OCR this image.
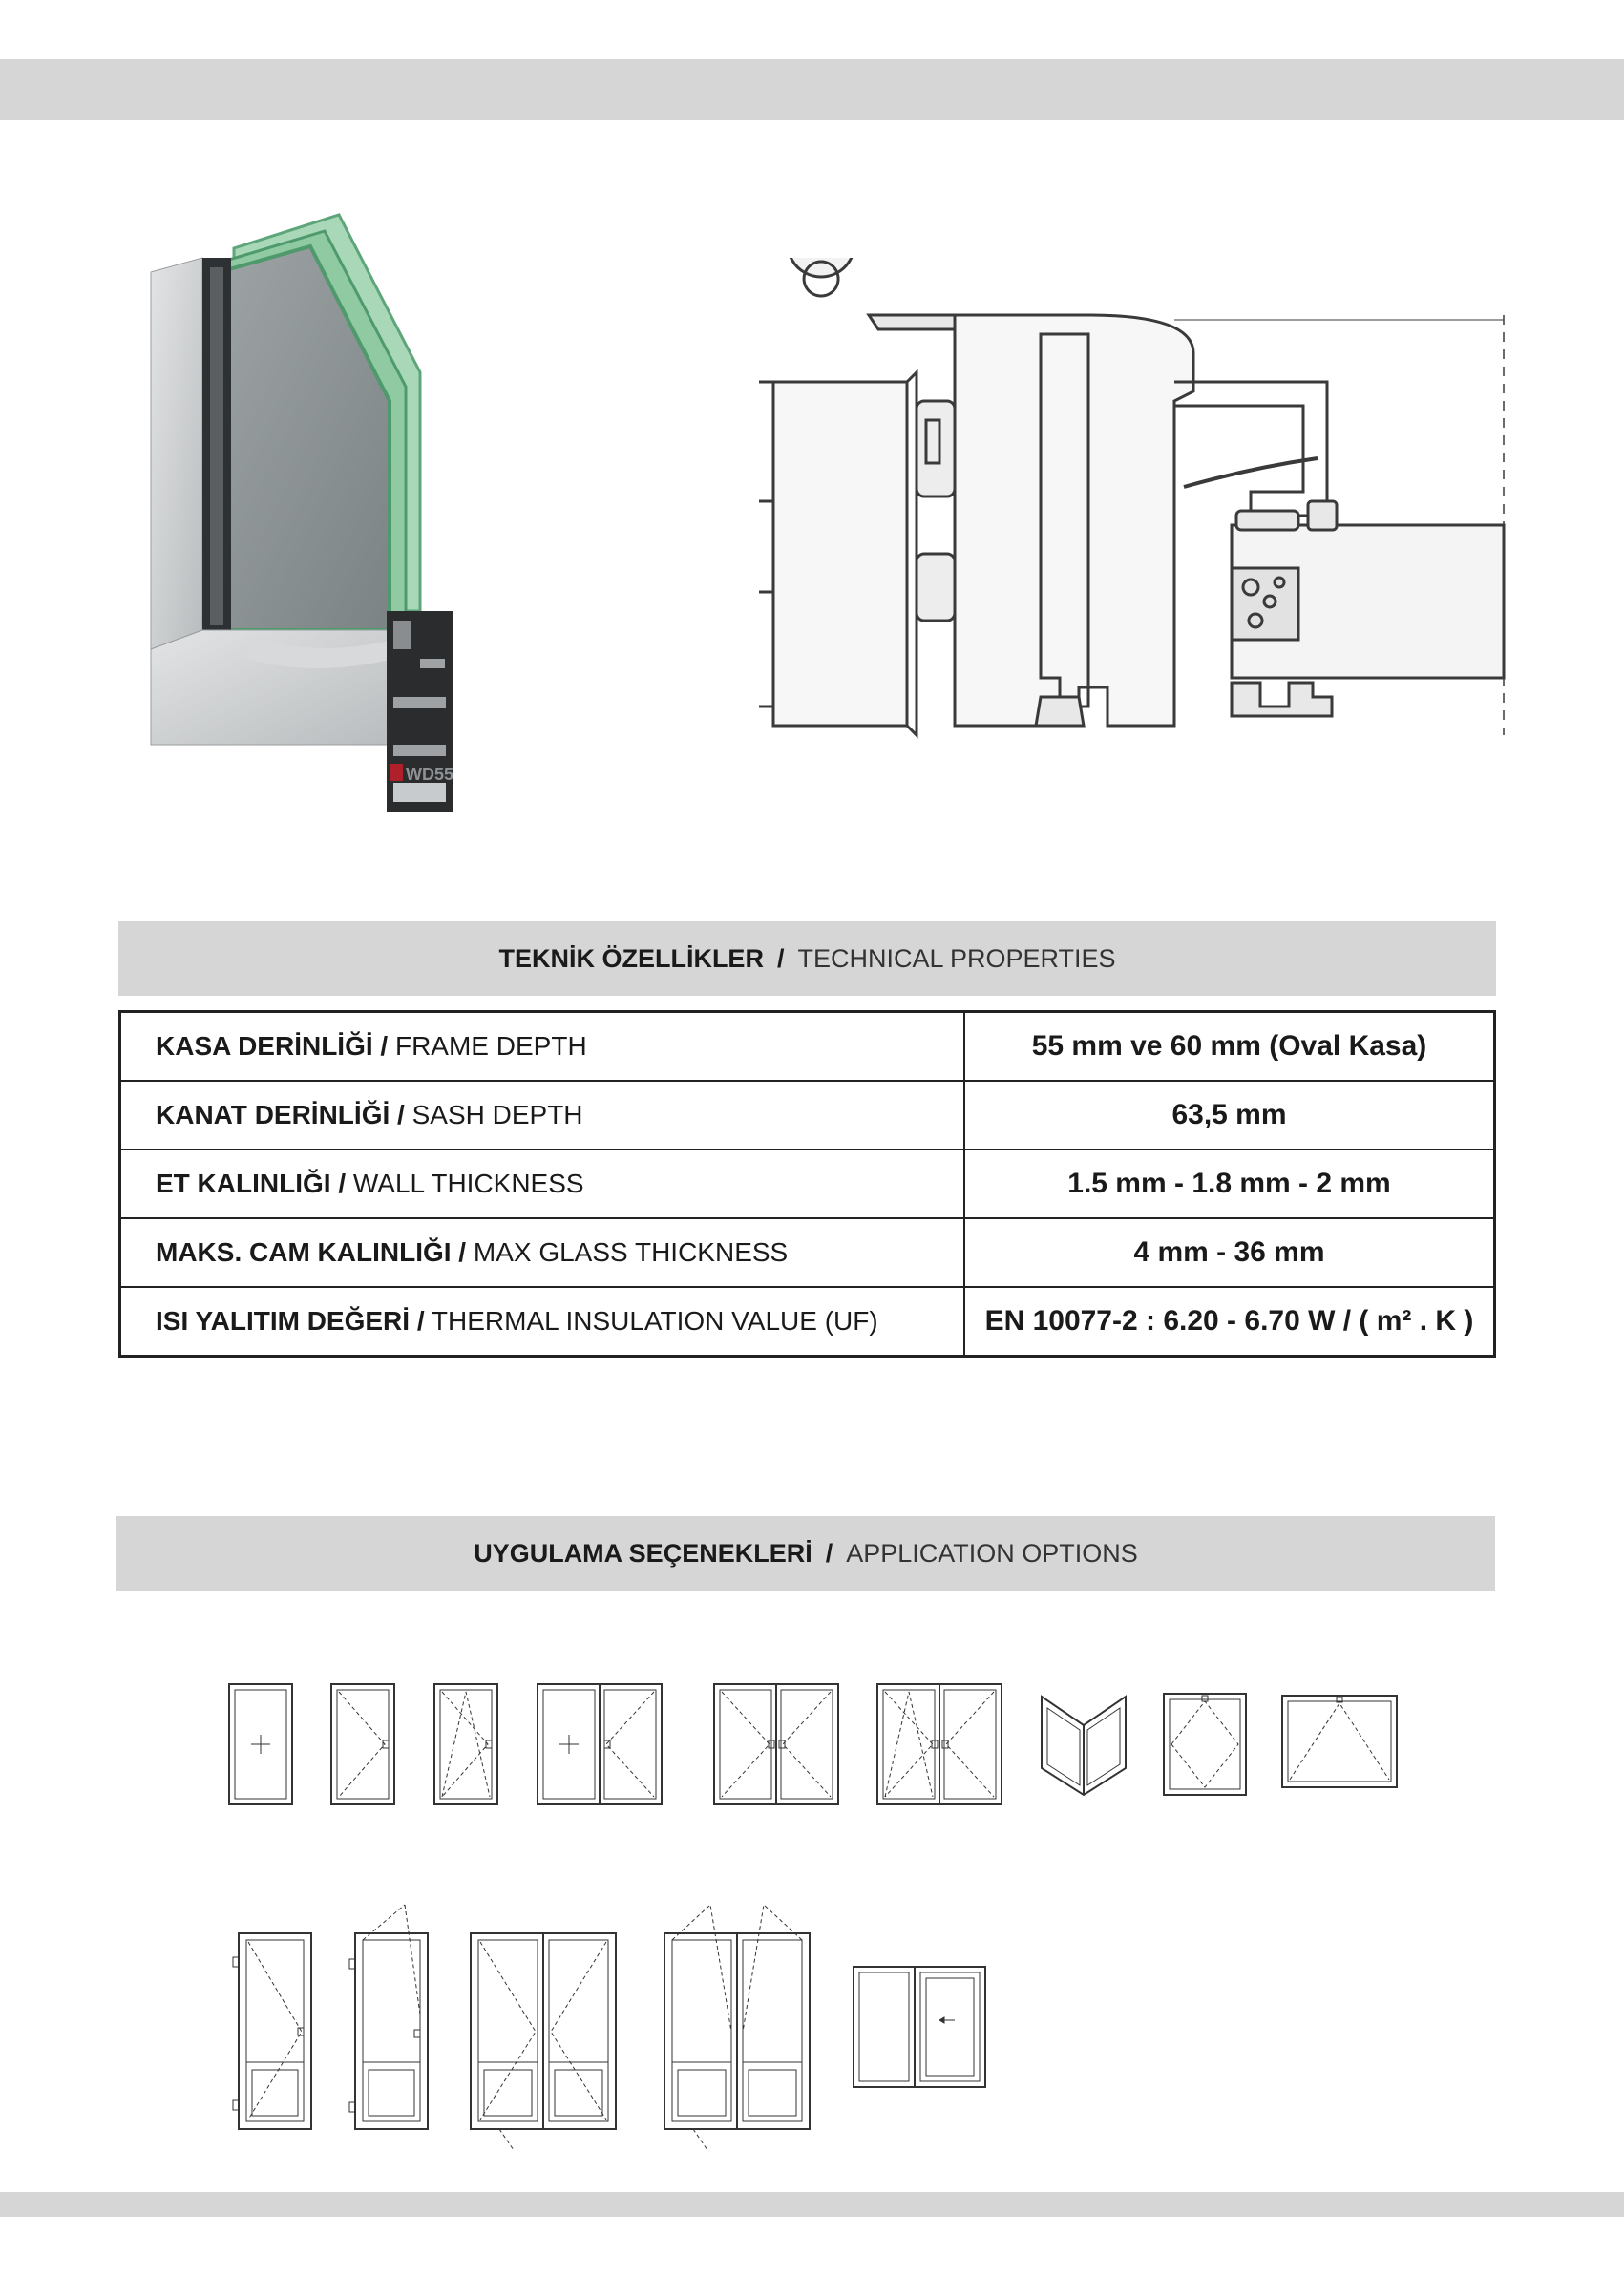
WD55
TEKNİK ÖZELLİKLER / TECHNICAL PROPERTIES
KASA DERİNLİĞİ / FRAME DEPTH	55 mm ve 60 mm (Oval Kasa)
KANAT DERİNLİĞİ / SASH DEPTH	63,5 mm
ET KALINLIĞI / WALL THICKNESS	1.5 mm - 1.8 mm - 2 mm
MAKS. CAM KALINLIĞI / MAX GLASS THICKNESS	4 mm - 36 mm
ISI YALITIM DEĞERİ / THERMAL INSULATION VALUE (UF)	EN 10077-2 : 6.20 - 6.70 W / ( m² . K )
UYGULAMA SEÇENEKLERİ / APPLICATION OPTIONS
